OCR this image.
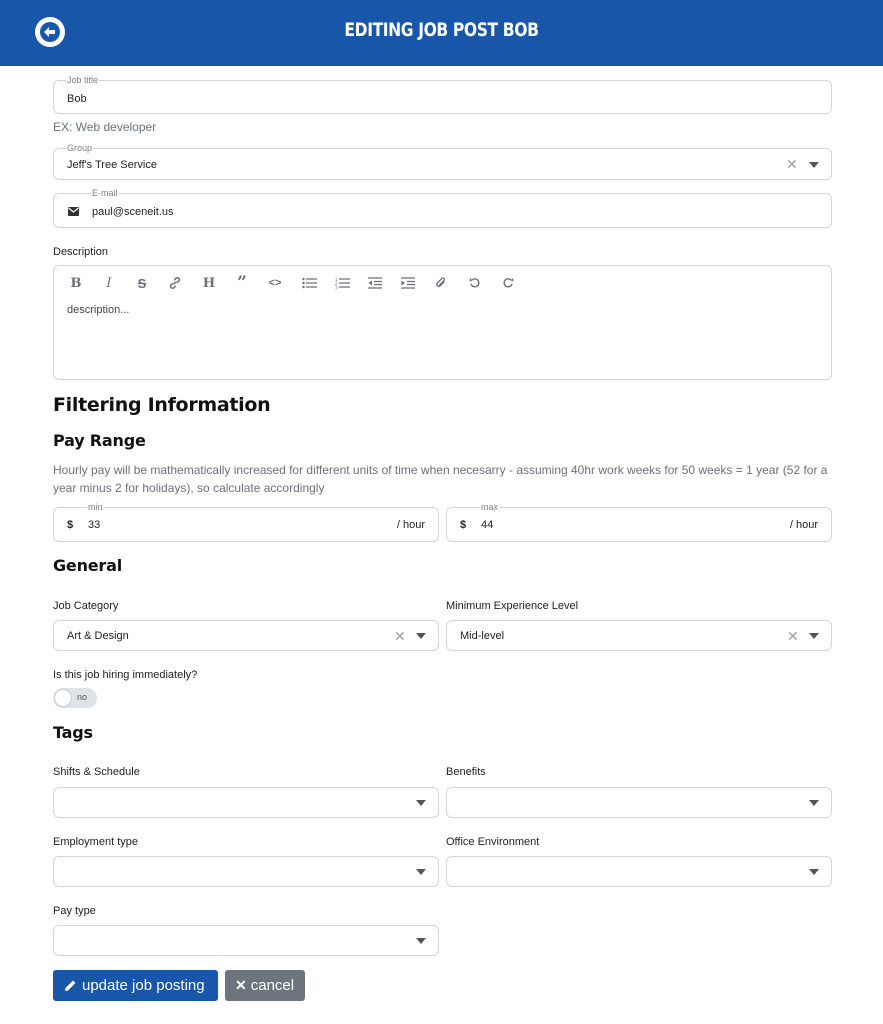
EDITING JOB POST BOB
Job title
Bob
EX: Web developer
Group
Jeff's Tree Service	✕
E-mail
paul@sceneit.us
Description
description...
B	I	S	H ”	<>	1
2
3
Filtering Information
Pay Range
Hourly pay will be mathematically increased for different units of time when necesarry - assuming 40hr work weeks for 50 weeks = 1 year (52 for a year minus 2 for holidays), so calculate accordingly
min
$ 33	/ hour
max
$ 44	/ hour
General
Job Category	Minimum Experience Level
Art & Design	✕	Mid-level	✕
Is this job hiring immediately?
no
Tags
Shifts & Schedule	Benefits
Employment type	Office Environment
Pay type
update job posting ✕ cancel
